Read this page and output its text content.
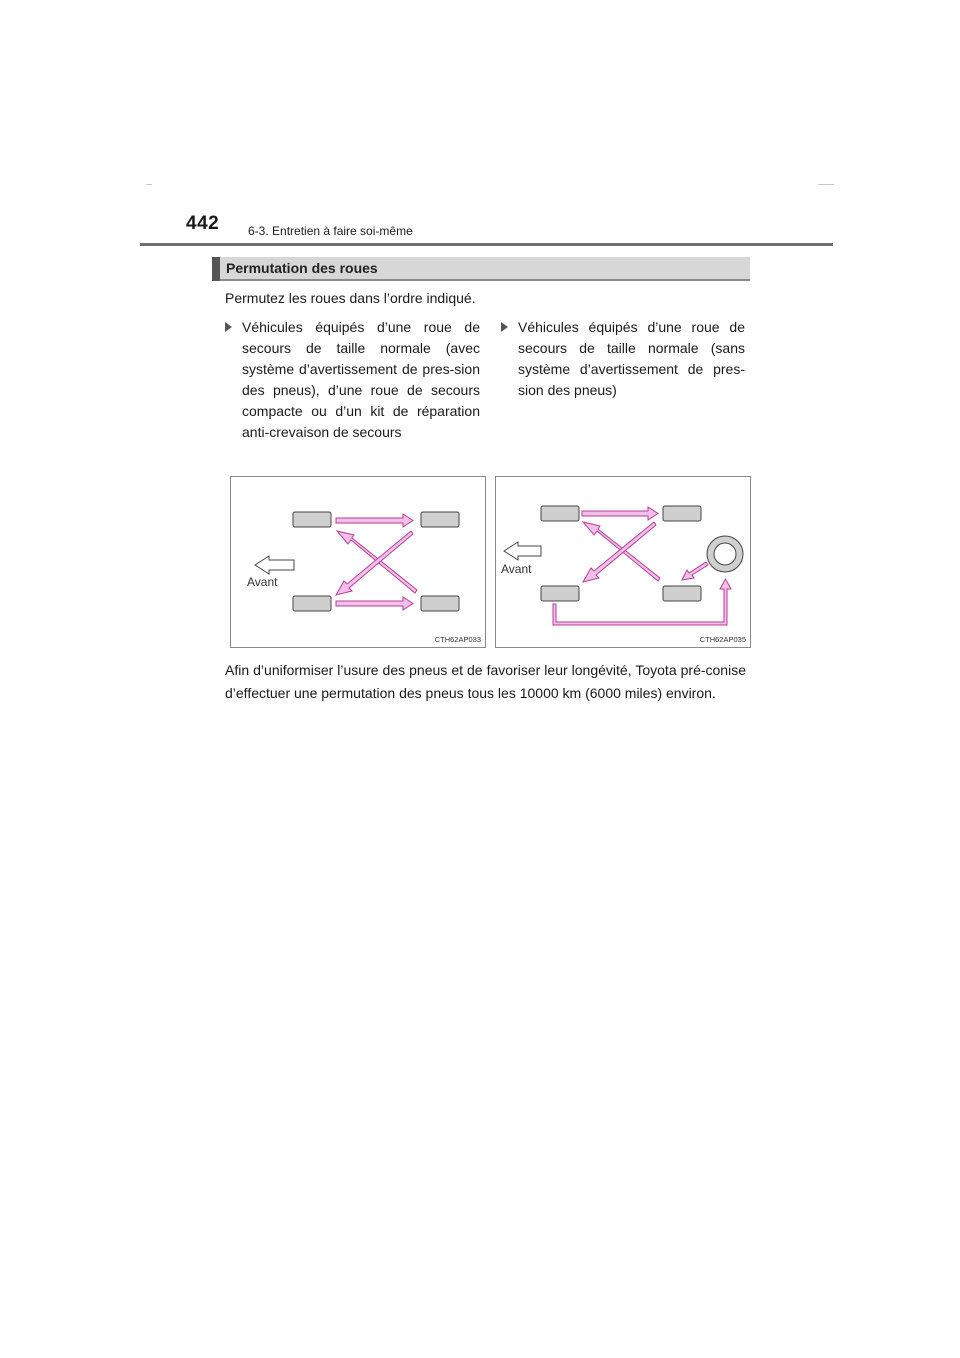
442 6-3. Entretien à faire soi-même
Permutation des roues
Permutez les roues dans l’ordre indiqué.
Véhicules équipés d’une roue de secours de taille normale (avec système d’avertissement de pres-sion des pneus), d’une roue de secours compacte ou d’un kit de réparation anti-crevaison de secours
Véhicules équipés d’une roue de secours de taille normale (sans système d’avertissement de pres-sion des pneus)
Avant
CTH62AP033
Avant
CTH62AP035
Afin d’uniformiser l’usure des pneus et de favoriser leur longévité, Toyota pré-conise d’effectuer une permutation des pneus tous les 10000 km (6000 miles) environ.
